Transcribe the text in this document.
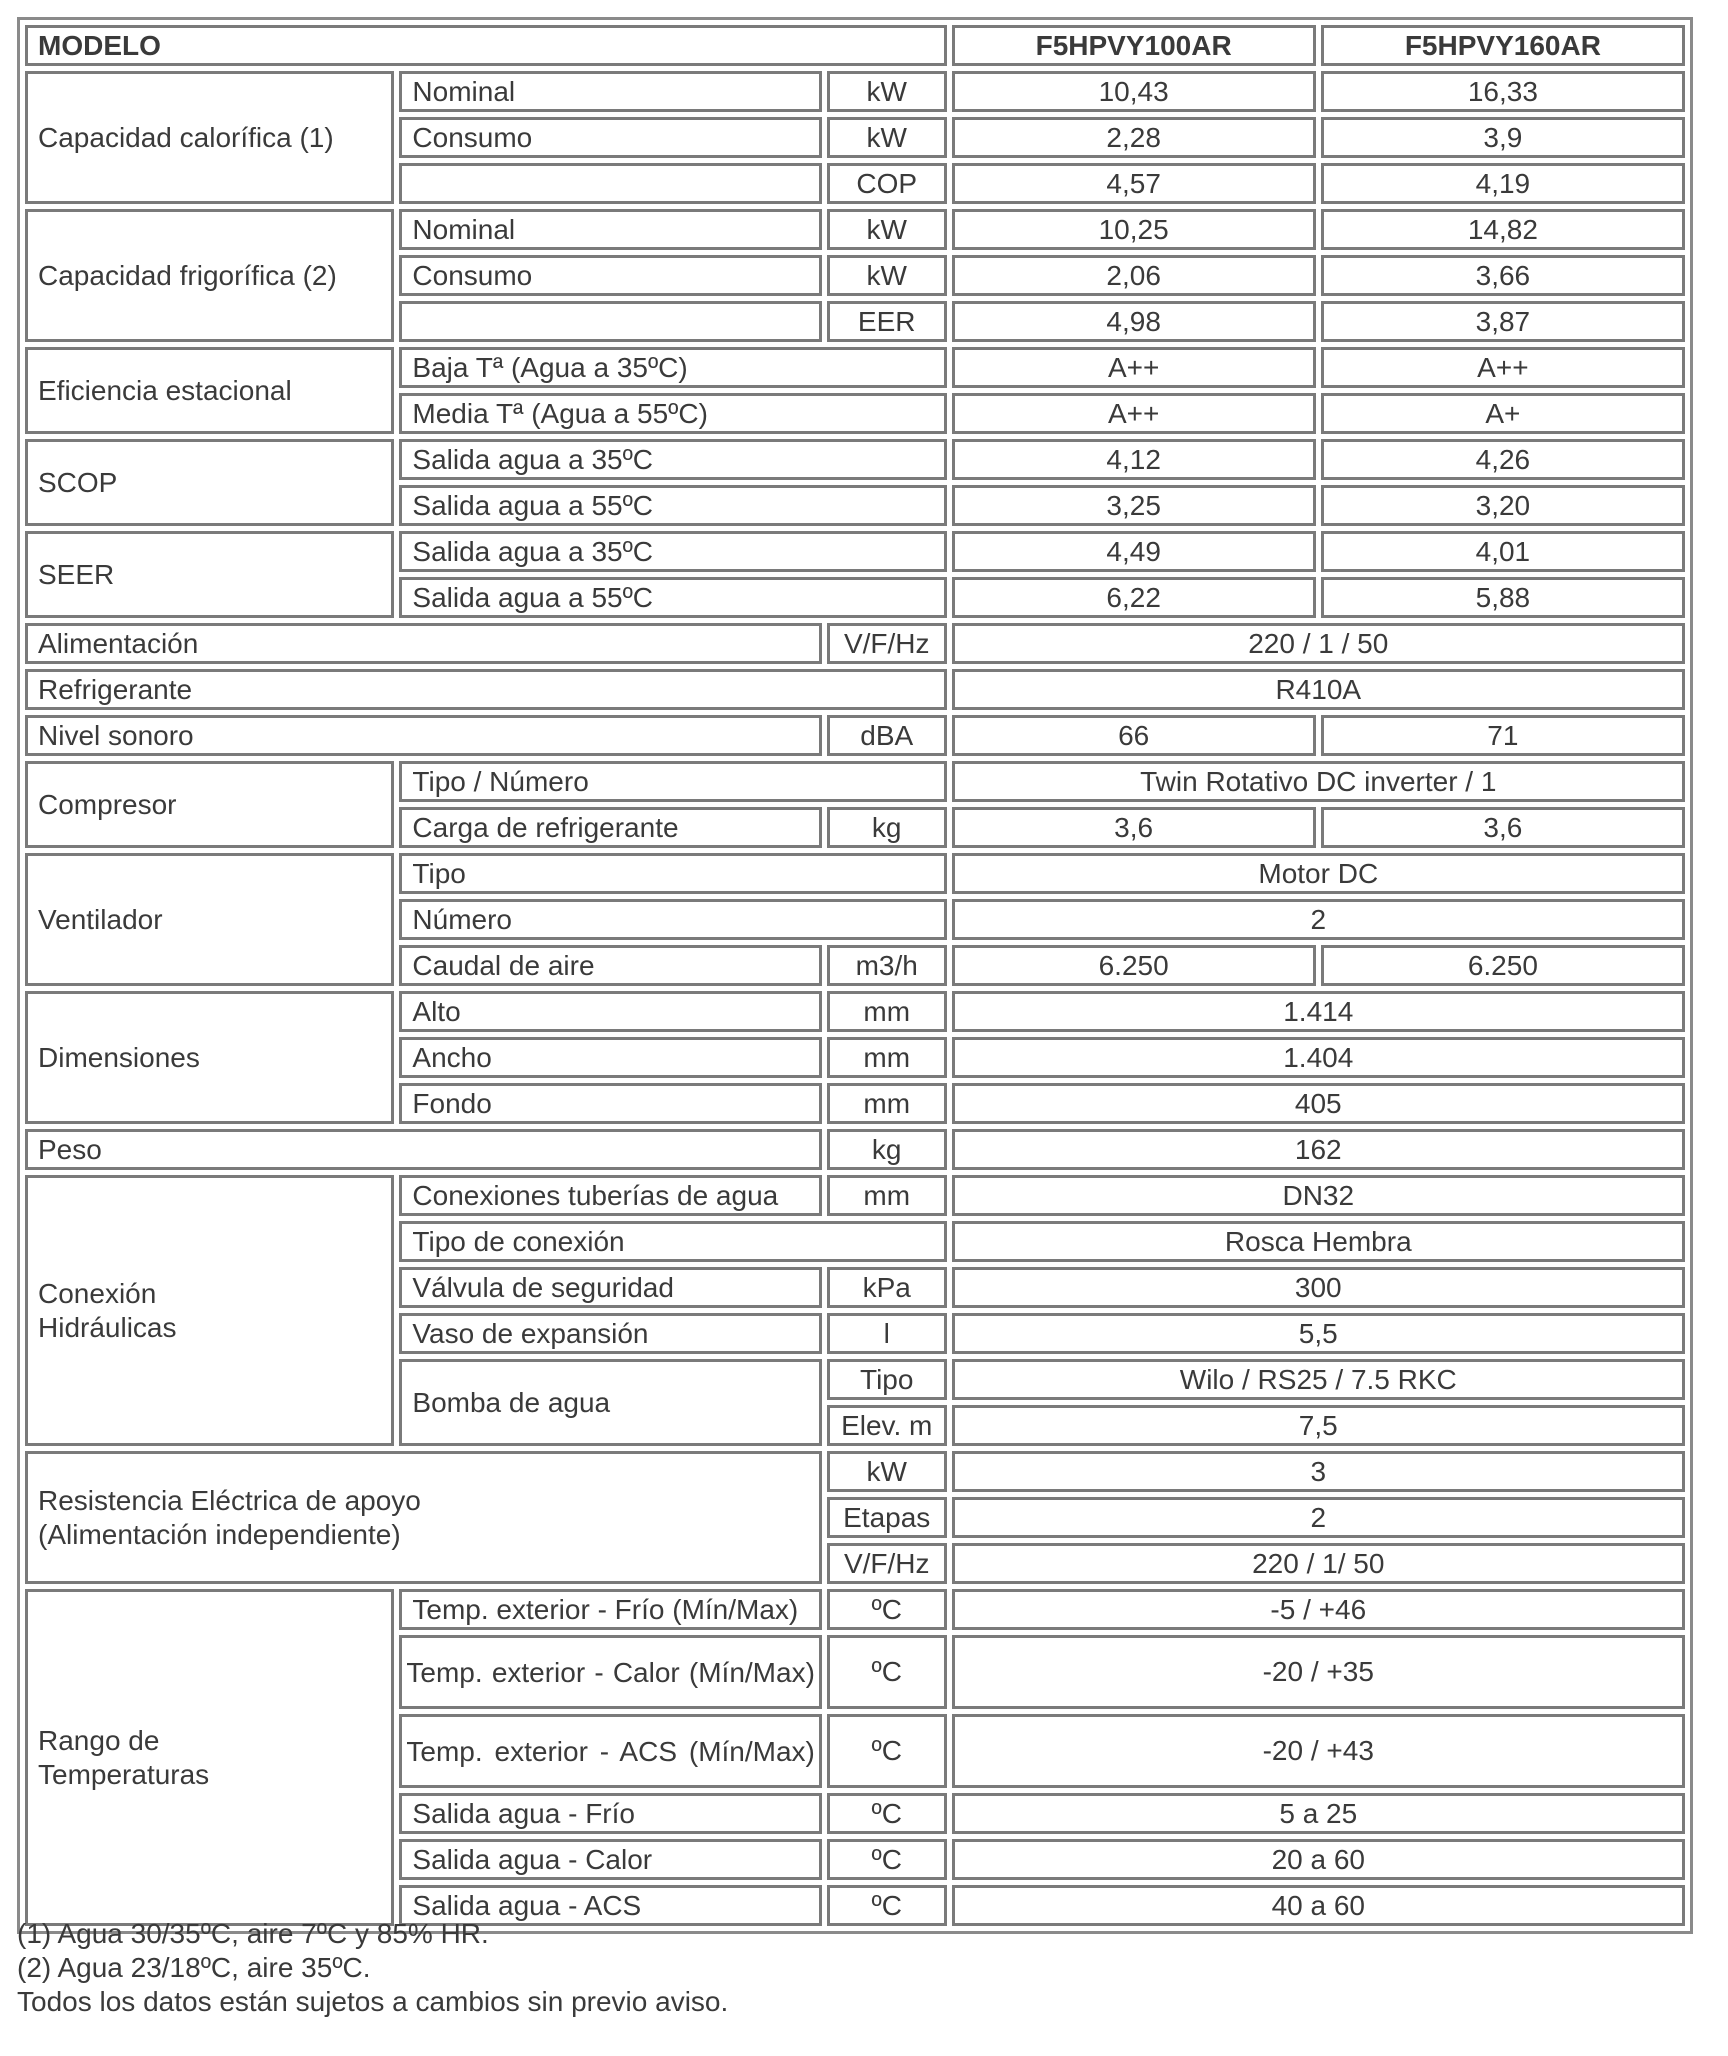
MODELO			F5HPVY100AR	F5HPVY160AR
Capacidad calorífica (1)	Nominal	kW	10,43	16,33
	Consumo	kW	2,28	3,9
		COP	4,57	4,19
Capacidad frigorífica (2)	Nominal	kW	10,25	14,82
	Consumo	kW	2,06	3,66
		EER	4,98	3,87
Eficiencia estacional	Baja Tª (Agua a 35ºC)		A++	A++
	Media Tª (Agua a 55ºC)		A++	A+
SCOP	Salida agua a 35ºC		4,12	4,26
	Salida agua a 55ºC		3,25	3,20
SEER	Salida agua a 35ºC		4,49	4,01
	Salida agua a 55ºC		6,22	5,88
Alimentación		V/F/Hz	220 / 1 / 50	
Refrigerante			R410A	
Nivel sonoro		dBA	66	71
Compresor	Tipo / Número		Twin Rotativo DC inverter / 1	
	Carga de refrigerante	kg	3,6	3,6
Ventilador	Tipo		Motor DC	
	Número		2	
	Caudal de aire	m3/h	6.250	6.250
Dimensiones	Alto	mm	1.414	
	Ancho	mm	1.404	
	Fondo	mm	405	
Peso		kg	162	

Conexión
Hidráulicas	Conexiones tuberías de agua	mm	DN32	
	Tipo de conexión		Rosca Hembra	
	Válvula de seguridad	kPa	300	
	Vaso de expansión	l	5,5	
	Bomba de agua	Tipo	Wilo / RS25 / 7.5 RKC	
		Elev. m	7,5	

Resistencia Eléctrica de apoyo
(Alimentación independiente)		kW	3	
		Etapas	2	
		V/F/Hz	220 / 1/ 50	

Rango de
Temperaturas	Temp. exterior - Frío (Mín/Max)	ºC	-5 / +46	
	Temp. exterior - Calor (Mín/Max)	ºC	-20 / +35	
	Temp. exterior - ACS (Mín/Max)	ºC	-20 / +43	
	Salida agua - Frío	ºC	5 a 25	
	Salida agua - Calor	ºC	20 a 60	
	Salida agua - ACS	ºC	40 a 60	
(1) Agua 30/35ºC, aire 7ºC y 85% HR.
(2) Agua 23/18ºC, aire 35ºC.
Todos los datos están sujetos a cambios sin previo aviso.
